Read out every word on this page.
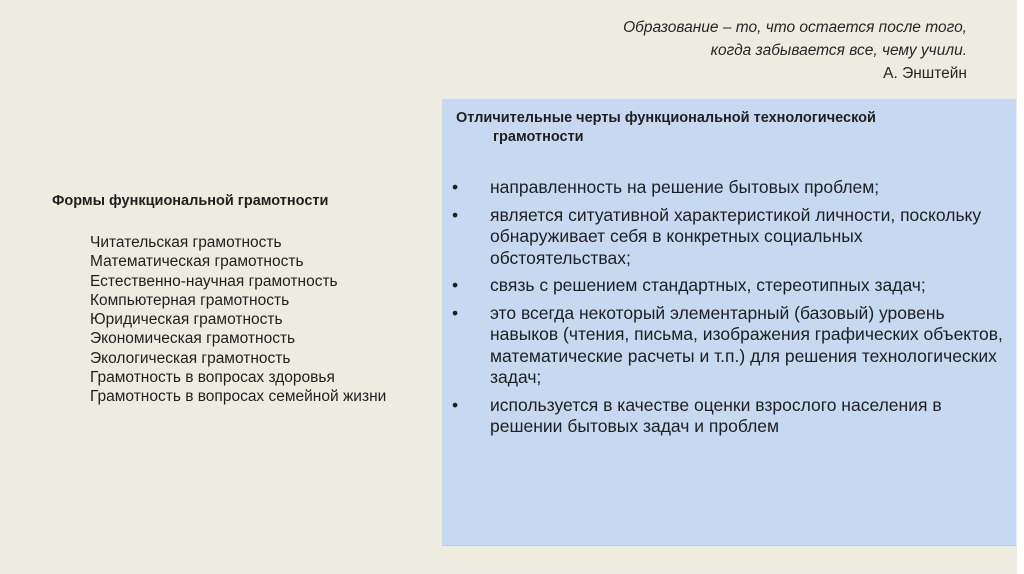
Образование – то, что остается после того,
когда забывается все, чему учили.
А. Энштейн
Формы функциональной грамотности
Читательская грамотность
Математическая грамотность
Естественно-научная грамотность
Компьютерная грамотность
Юридическая грамотность
Экономическая грамотность
Экологическая грамотность
Грамотность в вопросах здоровья
Грамотность в вопросах семейной жизни
Отличительные черты функциональной технологической
грамотности
• направленность на решение бытовых проблем;
• является ситуативной характеристикой личности, поскольку обнаруживает себя в конкретных социальных обстоятельствах;
• связь с решением стандартных, стереотипных задач;
• это всегда некоторый элементарный (базовый) уровень навыков (чтения, письма, изображения графических объектов, математические расчеты и т.п.) для решения технологических задач;
• используется в качестве оценки взрослого населения в решении бытовых задач и проблем
